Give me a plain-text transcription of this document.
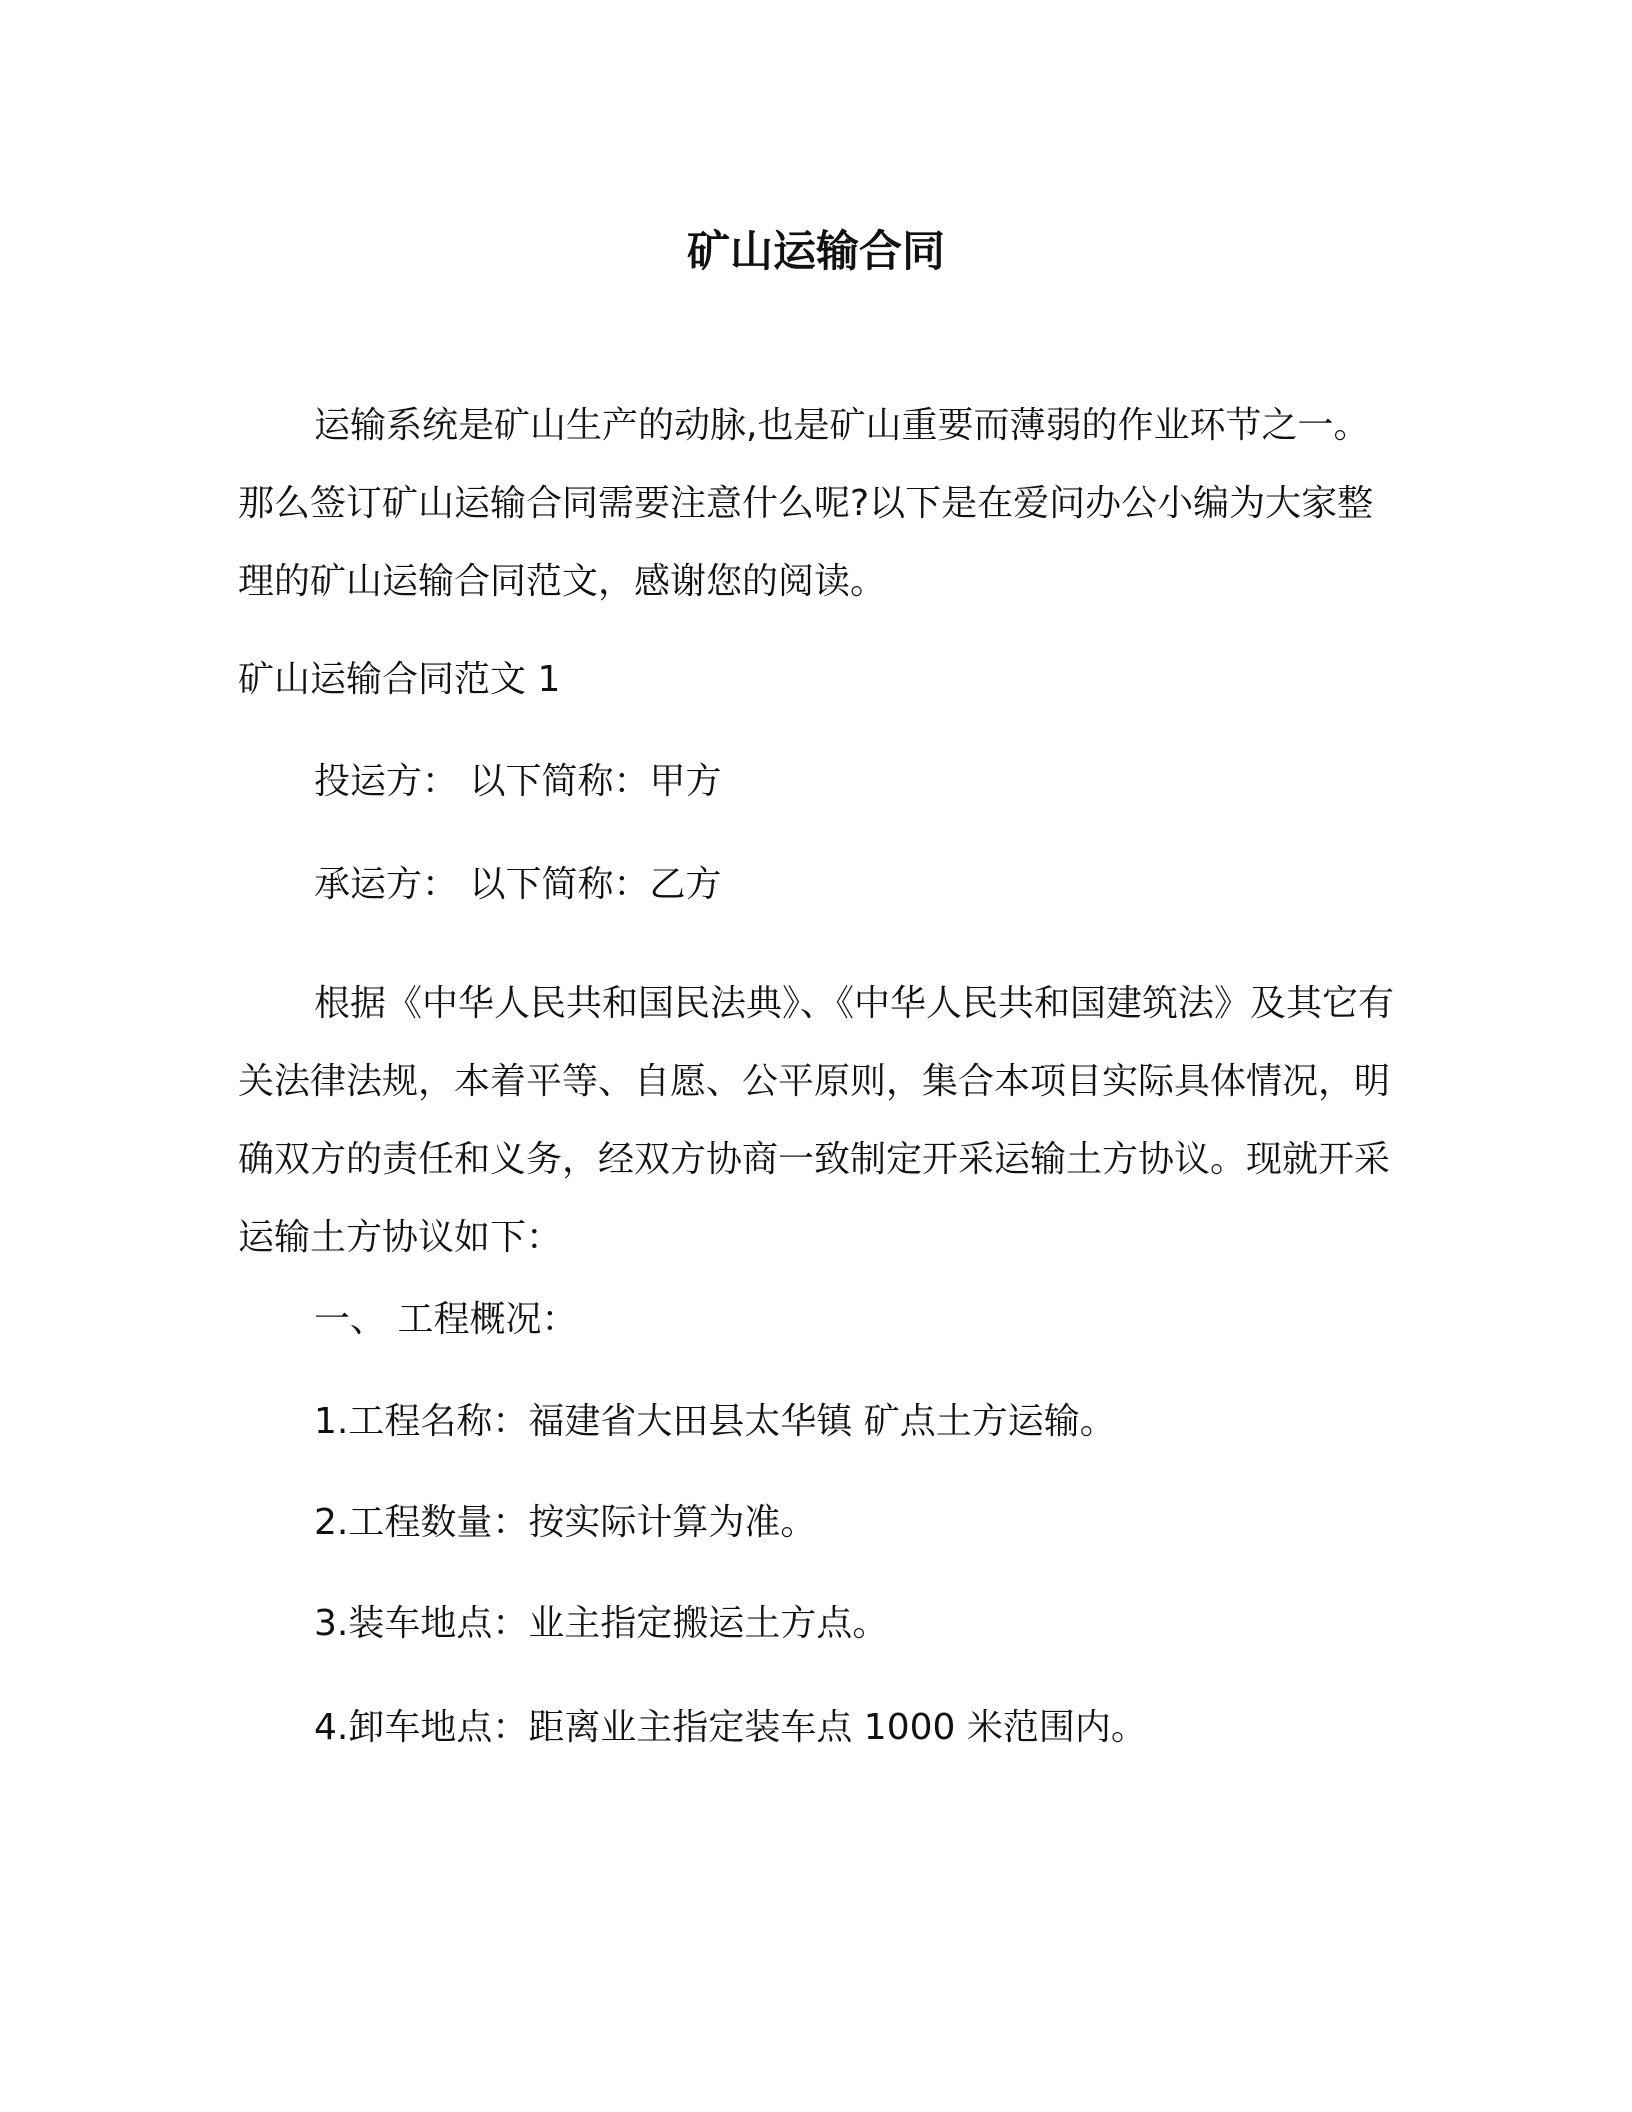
矿山运输合同
运输系统是矿山生产的动脉,也是矿山重要而薄弱的作业环节之一。那么签订矿山运输合同需要注意什么呢?以下是在爱问办公小编为大家整理的矿山运输合同范文，感谢您的阅读。
矿山运输合同范文 1
投运方： 以下简称：甲方
承运方： 以下简称：乙方
根据《中华人民共和国民法典》、《中华人民共和国建筑法》及其它有关法律法规，本着平等、自愿、公平原则，集合本项目实际具体情况，明确双方的责任和义务，经双方协商一致制定开采运输土方协议。现就开采运输土方协议如下：
一、 工程概况：
1.工程名称：福建省大田县太华镇 矿点土方运输。
2.工程数量：按实际计算为准。
3.装车地点：业主指定搬运土方点。
4.卸车地点：距离业主指定装车点 1000 米范围内。
